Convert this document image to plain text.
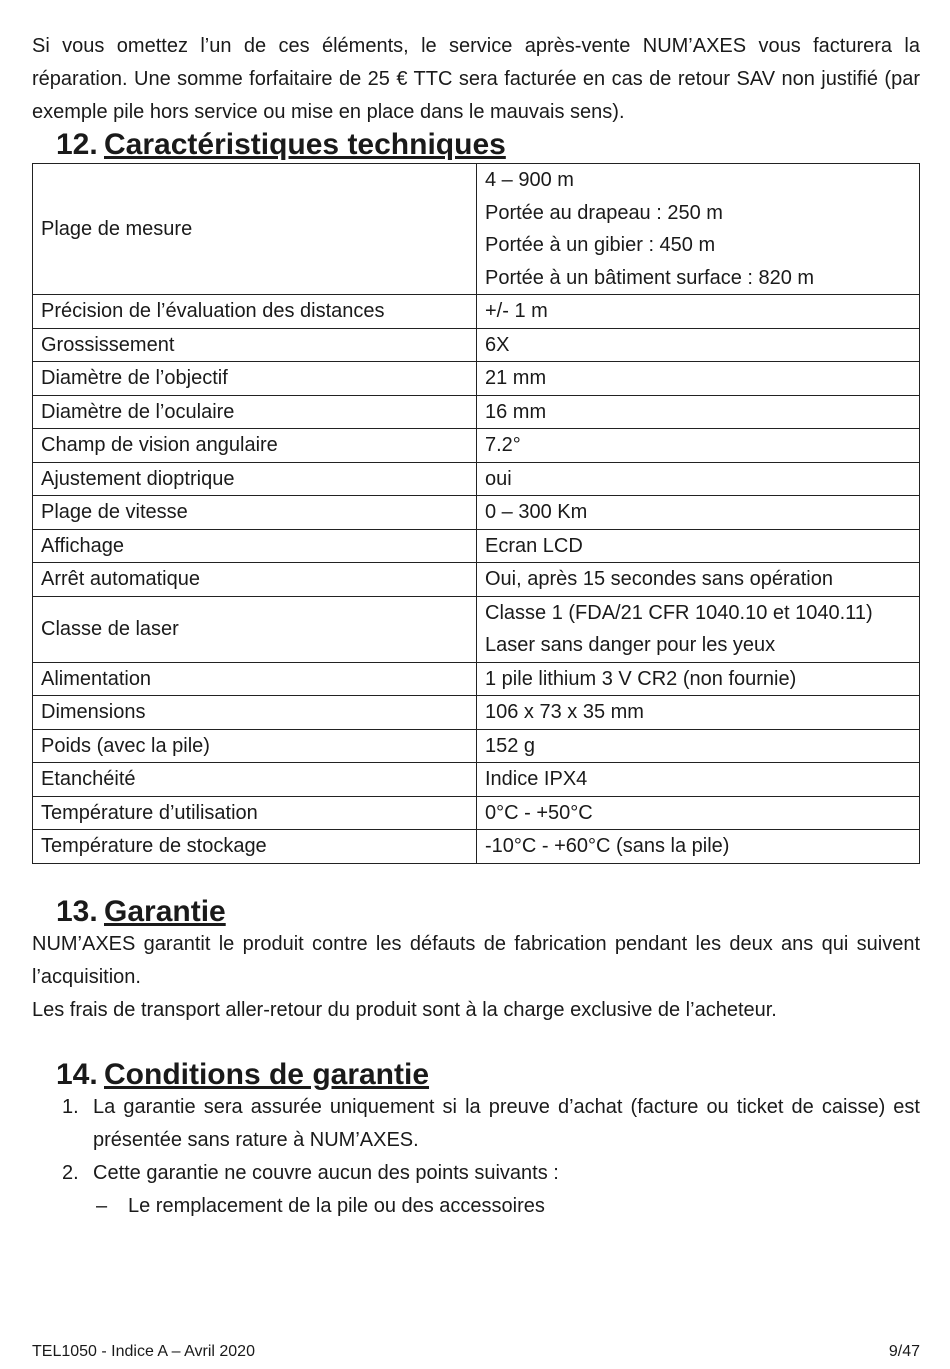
Si vous omettez l’un de ces éléments, le service après-vente NUM’AXES vous facturera la réparation. Une somme forfaitaire de 25 € TTC sera facturée en cas de retour SAV non justifié (par exemple pile hors service ou mise en place dans le mauvais sens).

12. Caractéristiques techniques
Plage de mesure	4 – 900 m
Portée au drapeau : 250 m
Portée à un gibier : 450 m
Portée à un bâtiment surface : 820 m

Précision de l’évaluation des distances	+/- 1 m

Grossissement	6X

Diamètre de l’objectif	21 mm

Diamètre de l’oculaire	16 mm

Champ de vision angulaire	7.2°

Ajustement dioptrique	oui

Plage de vitesse	0 – 300 Km

Affichage	Ecran LCD

Arrêt automatique	Oui, après 15 secondes sans opération

Classe de laser	Classe 1 (FDA/21 CFR 1040.10 et 1040.11)
Laser sans danger pour les yeux

Alimentation	1 pile lithium 3 V CR2 (non fournie)

Dimensions	106 x 73 x 35 mm

Poids (avec la pile)	152 g

Etanchéité	Indice IPX4

Température d’utilisation	0°C - +50°C

Température de stockage	-10°C - +60°C (sans la pile)
13. Garantie

NUM’AXES garantit le produit contre les défauts de fabrication pendant les deux ans qui suivent l’acquisition.

Les frais de transport aller-retour du produit sont à la charge exclusive de l’acheteur.

14. Conditions de garantie
1. La garantie sera assurée uniquement si la preuve d’achat (facture ou ticket de caisse) est présentée sans rature à NUM’AXES.
2. Cette garantie ne couvre aucun des points suivants :
– Le remplacement de la pile ou des accessoires
TEL1050 - Indice A – Avril 2020	9/47
